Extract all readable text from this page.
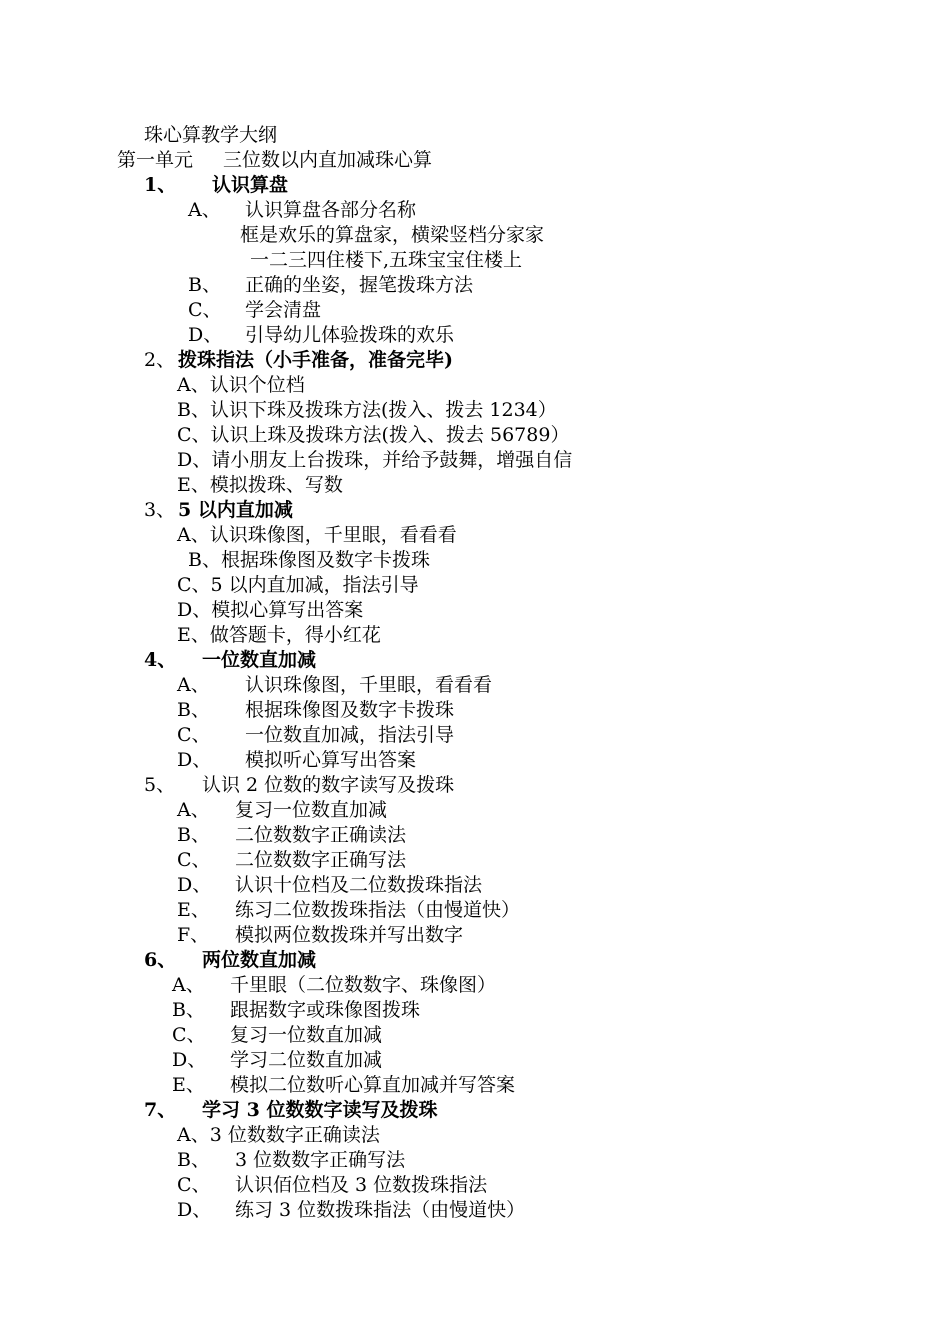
珠心算教学大纲
第一单元 三位数以内直加减珠心算
1、 认识算盘
A、 认识算盘各部分名称
框是欢乐的算盘家，横梁竖档分家家
一二三四住楼下,五珠宝宝住楼上
B、 正确的坐姿，握笔拨珠方法
C、 学会清盘
D、 引导幼儿体验拨珠的欢乐
2、 拨珠指法（小手准备，准备完毕)
A、认识个位档
B、认识下珠及拨珠方法(拨入、拨去 1234）
C、认识上珠及拨珠方法(拨入、拨去 56789）
D、请小朋友上台拨珠，并给予鼓舞，增强自信
E、模拟拨珠、写数
3、 5 以内直加减
A、认识珠像图，千里眼，看看看
B、根据珠像图及数字卡拨珠
C、5 以内直加减，指法引导
D、模拟心算写出答案
E、做答题卡，得小红花
4、 一位数直加减
A、 认识珠像图，千里眼，看看看
B、 根据珠像图及数字卡拨珠
C、 一位数直加减，指法引导
D、 模拟听心算写出答案
5、 认识 2 位数的数字读写及拨珠
A、 复习一位数直加减
B、 二位数数字正确读法
C、 二位数数字正确写法
D、 认识十位档及二位数拨珠指法
E、 练习二位数拨珠指法（由慢道快）
F、 模拟两位数拨珠并写出数字
6、 两位数直加减
A、 千里眼（二位数数字、珠像图）
B、 跟据数字或珠像图拨珠
C、 复习一位数直加减
D、 学习二位数直加减
E、 模拟二位数听心算直加减并写答案
7、 学习 3 位数数字读写及拨珠
A、3 位数数字正确读法
B、 3 位数数字正确写法
C、 认识佰位档及 3 位数拨珠指法
D、 练习 3 位数拨珠指法（由慢道快）
